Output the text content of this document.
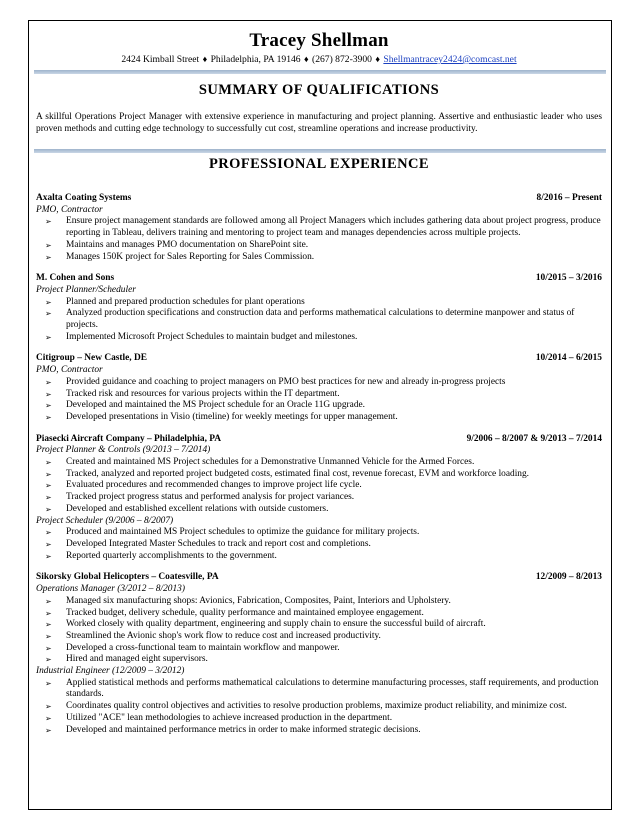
Tracey Shellman
2424 Kimball Street ♦ Philadelphia, PA 19146 ♦ (267) 872-3900 ♦ Shellmantracey2424@comcast.net
SUMMARY OF QUALIFICATIONS
A skillful Operations Project Manager with extensive experience in manufacturing and project planning. Assertive and enthusiastic leader who uses proven methods and cutting edge technology to successfully cut cost, streamline operations and increase productivity.
PROFESSIONAL EXPERIENCE
Axalta Coating Systems	8/2016 – Present
PMO, Contractor
➢ Ensure project management standards are followed among all Project Managers which includes gathering data about project progress, produce reporting in Tableau, delivers training and mentoring to project team and manages dependencies across multiple projects.
➢ Maintains and manages PMO documentation on SharePoint site.
➢ Manages 150K project for Sales Reporting for Sales Commission.
M. Cohen and Sons	10/2015 – 3/2016
Project Planner/Scheduler
➢ Planned and prepared production schedules for plant operations
➢ Analyzed production specifications and construction data and performs mathematical calculations to determine manpower and status of projects.
➢ Implemented Microsoft Project Schedules to maintain budget and milestones.
Citigroup – New Castle, DE	10/2014 – 6/2015
PMO, Contractor
➢ Provided guidance and coaching to project managers on PMO best practices for new and already in-progress projects
➢ Tracked risk and resources for various projects within the IT department.
➢ Developed and maintained the MS Project schedule for an Oracle 11G upgrade.
➢ Developed presentations in Visio (timeline) for weekly meetings for upper management.
Piasecki Aircraft Company – Philadelphia, PA	9/2006 – 8/2007 & 9/2013 – 7/2014
Project Planner & Controls (9/2013 – 7/2014)
➢ Created and maintained MS Project schedules for a Demonstrative Unmanned Vehicle for the Armed Forces.
➢ Tracked, analyzed and reported project budgeted costs, estimated final cost, revenue forecast, EVM and workforce loading.
➢ Evaluated procedures and recommended changes to improve project life cycle.
➢ Tracked project progress status and performed analysis for project variances.
➢ Developed and established excellent relations with outside customers.
Project Scheduler (9/2006 – 8/2007)
➢ Produced and maintained MS Project schedules to optimize the guidance for military projects.
➢ Developed Integrated Master Schedules to track and report cost and completions.
➢ Reported quarterly accomplishments to the government.
Sikorsky Global Helicopters – Coatesville, PA	12/2009 – 8/2013
Operations Manager (3/2012 – 8/2013)
➢ Managed six manufacturing shops: Avionics, Fabrication, Composites, Paint, Interiors and Upholstery.
➢ Tracked budget, delivery schedule, quality performance and maintained employee engagement.
➢ Worked closely with quality department, engineering and supply chain to ensure the successful build of aircraft.
➢ Streamlined the Avionic shop's work flow to reduce cost and increased productivity.
➢ Developed a cross-functional team to maintain workflow and manpower.
➢ Hired and managed eight supervisors.
Industrial Engineer (12/2009 – 3/2012)
➢ Applied statistical methods and performs mathematical calculations to determine manufacturing processes, staff requirements, and production standards.
➢ Coordinates quality control objectives and activities to resolve production problems, maximize product reliability, and minimize cost.
➢ Utilized "ACE" lean methodologies to achieve increased production in the department.
➢ Developed and maintained performance metrics in order to make informed strategic decisions.
